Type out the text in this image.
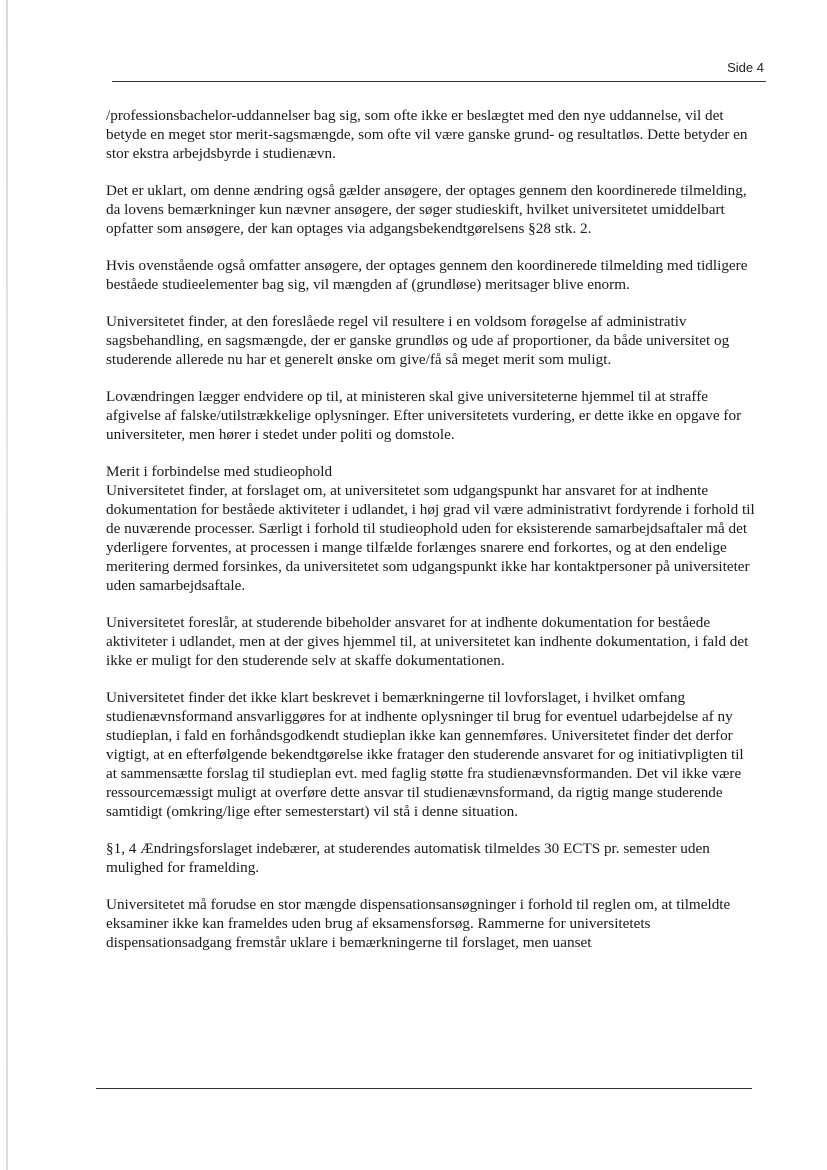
Side 4

/professionsbachelor-uddannelser bag sig, som ofte ikke er beslægtet med den nye uddannelse, vil det betyde en meget stor merit-sagsmængde, som ofte vil være ganske grund- og resultatløs. Dette betyder en stor ekstra arbejdsbyrde i studienævn.

Det er uklart, om denne ændring også gælder ansøgere, der optages gennem den koordinerede tilmelding, da lovens bemærkninger kun nævner ansøgere, der søger studieskift, hvilket universitetet umiddelbart opfatter som ansøgere, der kan optages via adgangsbekendtgørelsens §28 stk. 2.

Hvis ovenstående også omfatter ansøgere, der optages gennem den koordinerede tilmelding med tidligere beståede studieelementer bag sig, vil mængden af (grundløse) meritsager blive enorm.

Universitetet finder, at den foreslåede regel vil resultere i en voldsom forøgelse af administrativ sagsbehandling, en sagsmængde, der er ganske grundløs og ude af proportioner, da både universitet og studerende allerede nu har et generelt ønske om give/få så meget merit som muligt.

Lovændringen lægger endvidere op til, at ministeren skal give universiteterne hjemmel til at straffe afgivelse af falske/utilstrækkelige oplysninger. Efter universitetets vurdering, er dette ikke en opgave for universiteter, men hører i stedet under politi og domstole.

Merit i forbindelse med studieophold

Universitetet finder, at forslaget om, at universitetet som udgangspunkt har ansvaret for at indhente dokumentation for beståede aktiviteter i udlandet, i høj grad vil være administrativt fordyrende i forhold til de nuværende processer. Særligt i forhold til studieophold uden for eksisterende samarbejdsaftaler må det yderligere forventes, at processen i mange tilfælde forlænges snarere end forkortes, og at den endelige meritering dermed forsinkes, da universitetet som udgangspunkt ikke har kontaktpersoner på universiteter uden samarbejdsaftale.

Universitetet foreslår, at studerende bibeholder ansvaret for at indhente dokumentation for beståede aktiviteter i udlandet, men at der gives hjemmel til, at universitetet kan indhente dokumentation, i fald det ikke er muligt for den studerende selv at skaffe dokumentationen.

Universitetet finder det ikke klart beskrevet i bemærkningerne til lovforslaget, i hvilket omfang studienævnsformand ansvarliggøres for at indhente oplysninger til brug for eventuel udarbejdelse af ny studieplan, i fald en forhåndsgodkendt studieplan ikke kan gennemføres. Universitetet finder det derfor vigtigt, at en efterfølgende bekendtgørelse ikke fratager den studerende ansvaret for og initiativpligten til at sammensætte forslag til studieplan evt. med faglig støtte fra studienævnsformanden. Det vil ikke være ressourcemæssigt muligt at overføre dette ansvar til studienævnsformand, da rigtig mange studerende samtidigt (omkring/lige efter semesterstart) vil stå i denne situation.

§1, 4 Ændringsforslaget indebærer, at studerendes automatisk tilmeldes 30 ECTS pr. semester uden mulighed for framelding.

Universitetet må forudse en stor mængde dispensationsansøgninger i forhold til reglen om, at tilmeldte eksaminer ikke kan frameldes uden brug af eksamensforsøg. Rammerne for universitetets dispensationsadgang fremstår uklare i bemærkningerne til forslaget, men uanset
